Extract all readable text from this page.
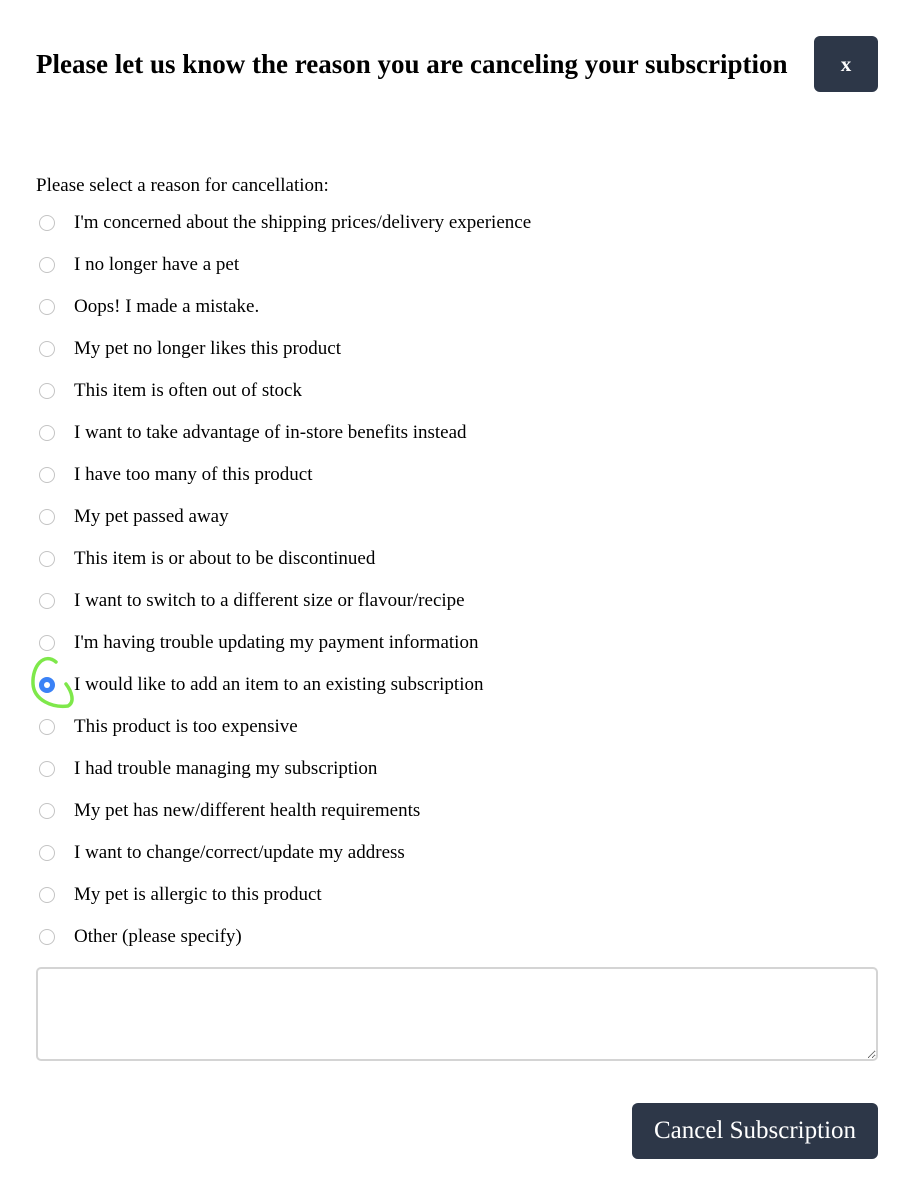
Please let us know the reason you are canceling your subscription	x
Please select a reason for cancellation:
I'm concerned about the shipping prices/delivery experience
I no longer have a pet
Oops! I made a mistake.
My pet no longer likes this product
This item is often out of stock
I want to take advantage of in-store benefits instead
I have too many of this product
My pet passed away
This item is or about to be discontinued
I want to switch to a different size or flavour/recipe
I'm having trouble updating my payment information
I would like to add an item to an existing subscription
This product is too expensive
I had trouble managing my subscription
My pet has new/different health requirements
I want to change/correct/update my address
My pet is allergic to this product
Other (please specify)
Cancel Subscription
